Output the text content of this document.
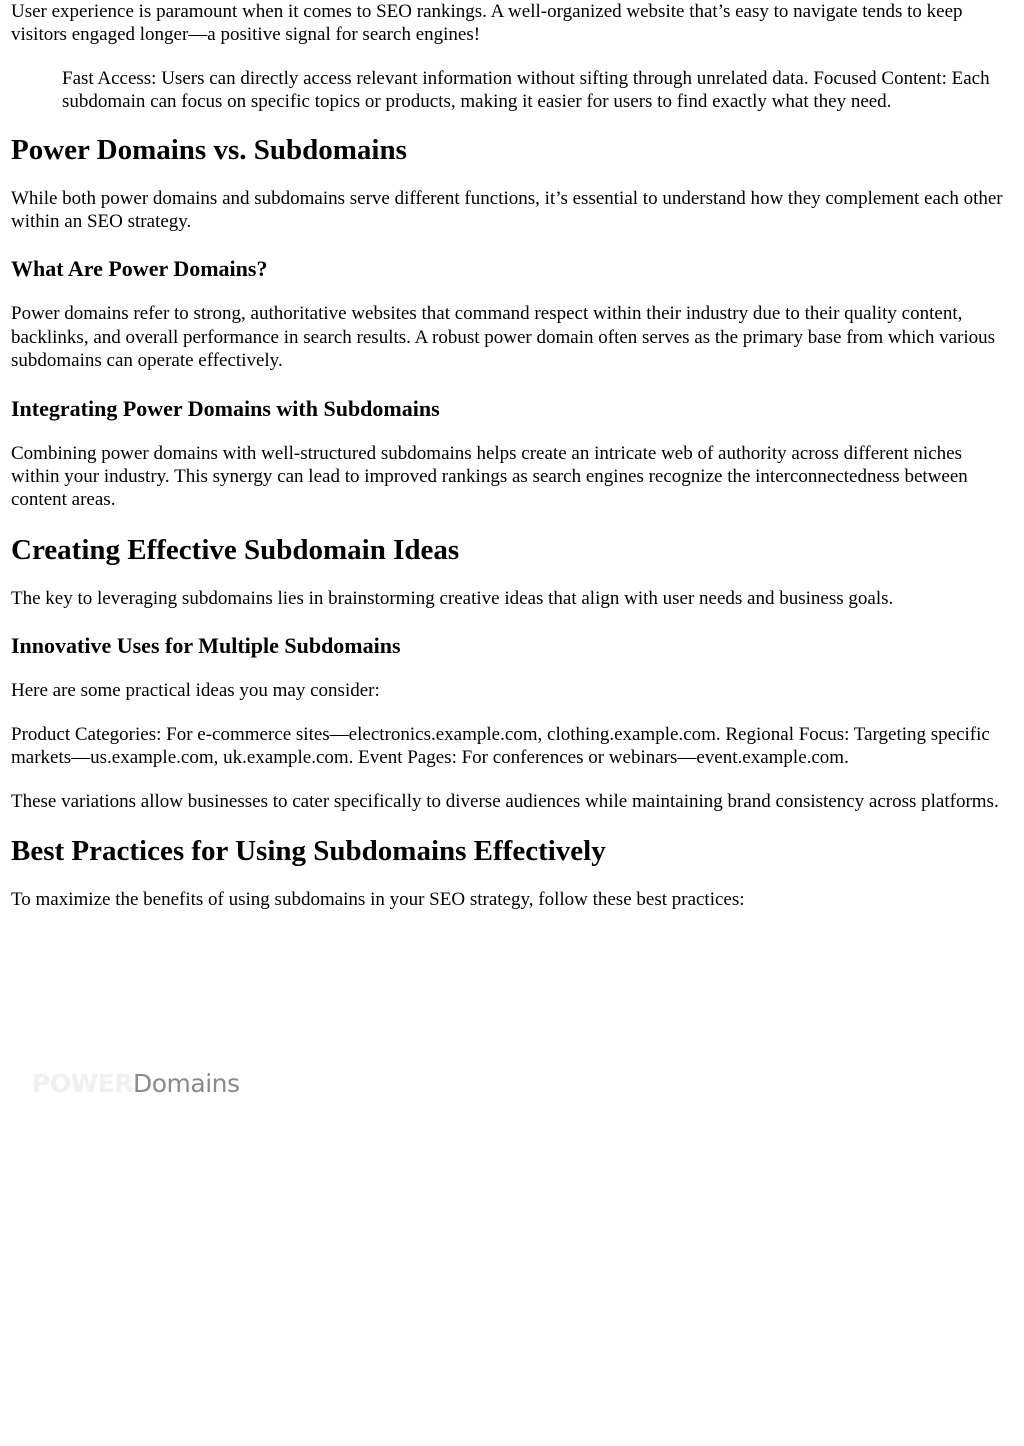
User experience is paramount when it comes to SEO rankings. A well-organized website that’s easy to navigate tends to keep visitors engaged longer—a positive signal for search engines!

Fast Access: Users can directly access relevant information without sifting through unrelated data. Focused Content: Each subdomain can focus on specific topics or products, making it easier for users to find exactly what they need.

Power Domains vs. Subdomains

While both power domains and subdomains serve different functions, it’s essential to understand how they complement each other within an SEO strategy.

What Are Power Domains?

Power domains refer to strong, authoritative websites that command respect within their industry due to their quality content, backlinks, and overall performance in search results. A robust power domain often serves as the primary base from which various subdomains can operate effectively.

Integrating Power Domains with Subdomains

Combining power domains with well-structured subdomains helps create an intricate web of authority across different niches within your industry. This synergy can lead to improved rankings as search engines recognize the interconnectedness between content areas.

Creating Effective Subdomain Ideas

The key to leveraging subdomains lies in brainstorming creative ideas that align with user needs and business goals.

Innovative Uses for Multiple Subdomains

Here are some practical ideas you may consider:

Product Categories: For e-commerce sites—electronics.example.com, clothing.example.com. Regional Focus: Targeting specific markets—us.example.com, uk.example.com. Event Pages: For conferences or webinars—event.example.com.

These variations allow businesses to cater specifically to diverse audiences while maintaining brand consistency across platforms.

Best Practices for Using Subdomains Effectively

To maximize the benefits of using subdomains in your SEO strategy, follow these best practices:

POWERDomains
